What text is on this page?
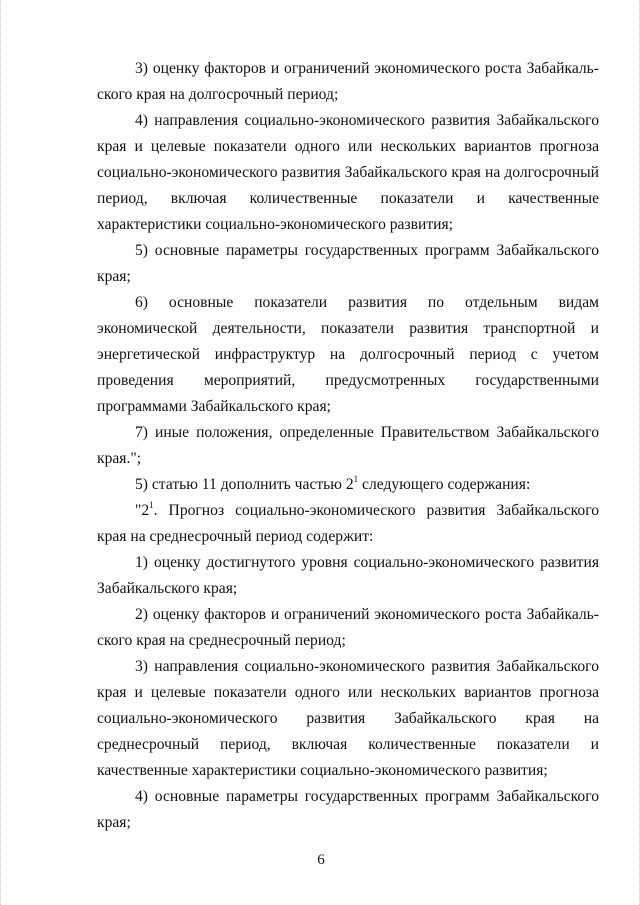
3) оценку факторов и ограничений экономического роста Забайкальского края на долгосрочный период;

4) направления социально-экономического развития Забайкальского края и целевые показатели одного или нескольких вариантов прогноза социально-экономического развития Забайкальского края на долгосрочный период, включая количественные показатели и качественные характеристики социально-экономического развития;

5) основные параметры государственных программ Забайкальского края;

6) основные показатели развития по отдельным видам экономической деятельности, показатели развития транспортной и энергетической инфраструктур на долгосрочный период с учетом проведения мероприятий, предусмотренных государственными программами Забайкальского края;

7) иные положения, определенные Правительством Забайкальского края.";

5) статью 11 дополнить частью $2^1$ следующего содержания:

"$2^1$. Прогноз социально-экономического развития Забайкальского края на среднесрочный период содержит:

1) оценку достигнутого уровня социально-экономического развития Забайкальского края;

2) оценку факторов и ограничений экономического роста Забайкальского края на среднесрочный период;

3) направления социально-экономического развития Забайкальского края и целевые показатели одного или нескольких вариантов прогноза социально-экономического развития Забайкальского края на среднесрочный период, включая количественные показатели и качественные характеристики социально-экономического развития;

4) основные параметры государственных программ Забайкальского края;

6
